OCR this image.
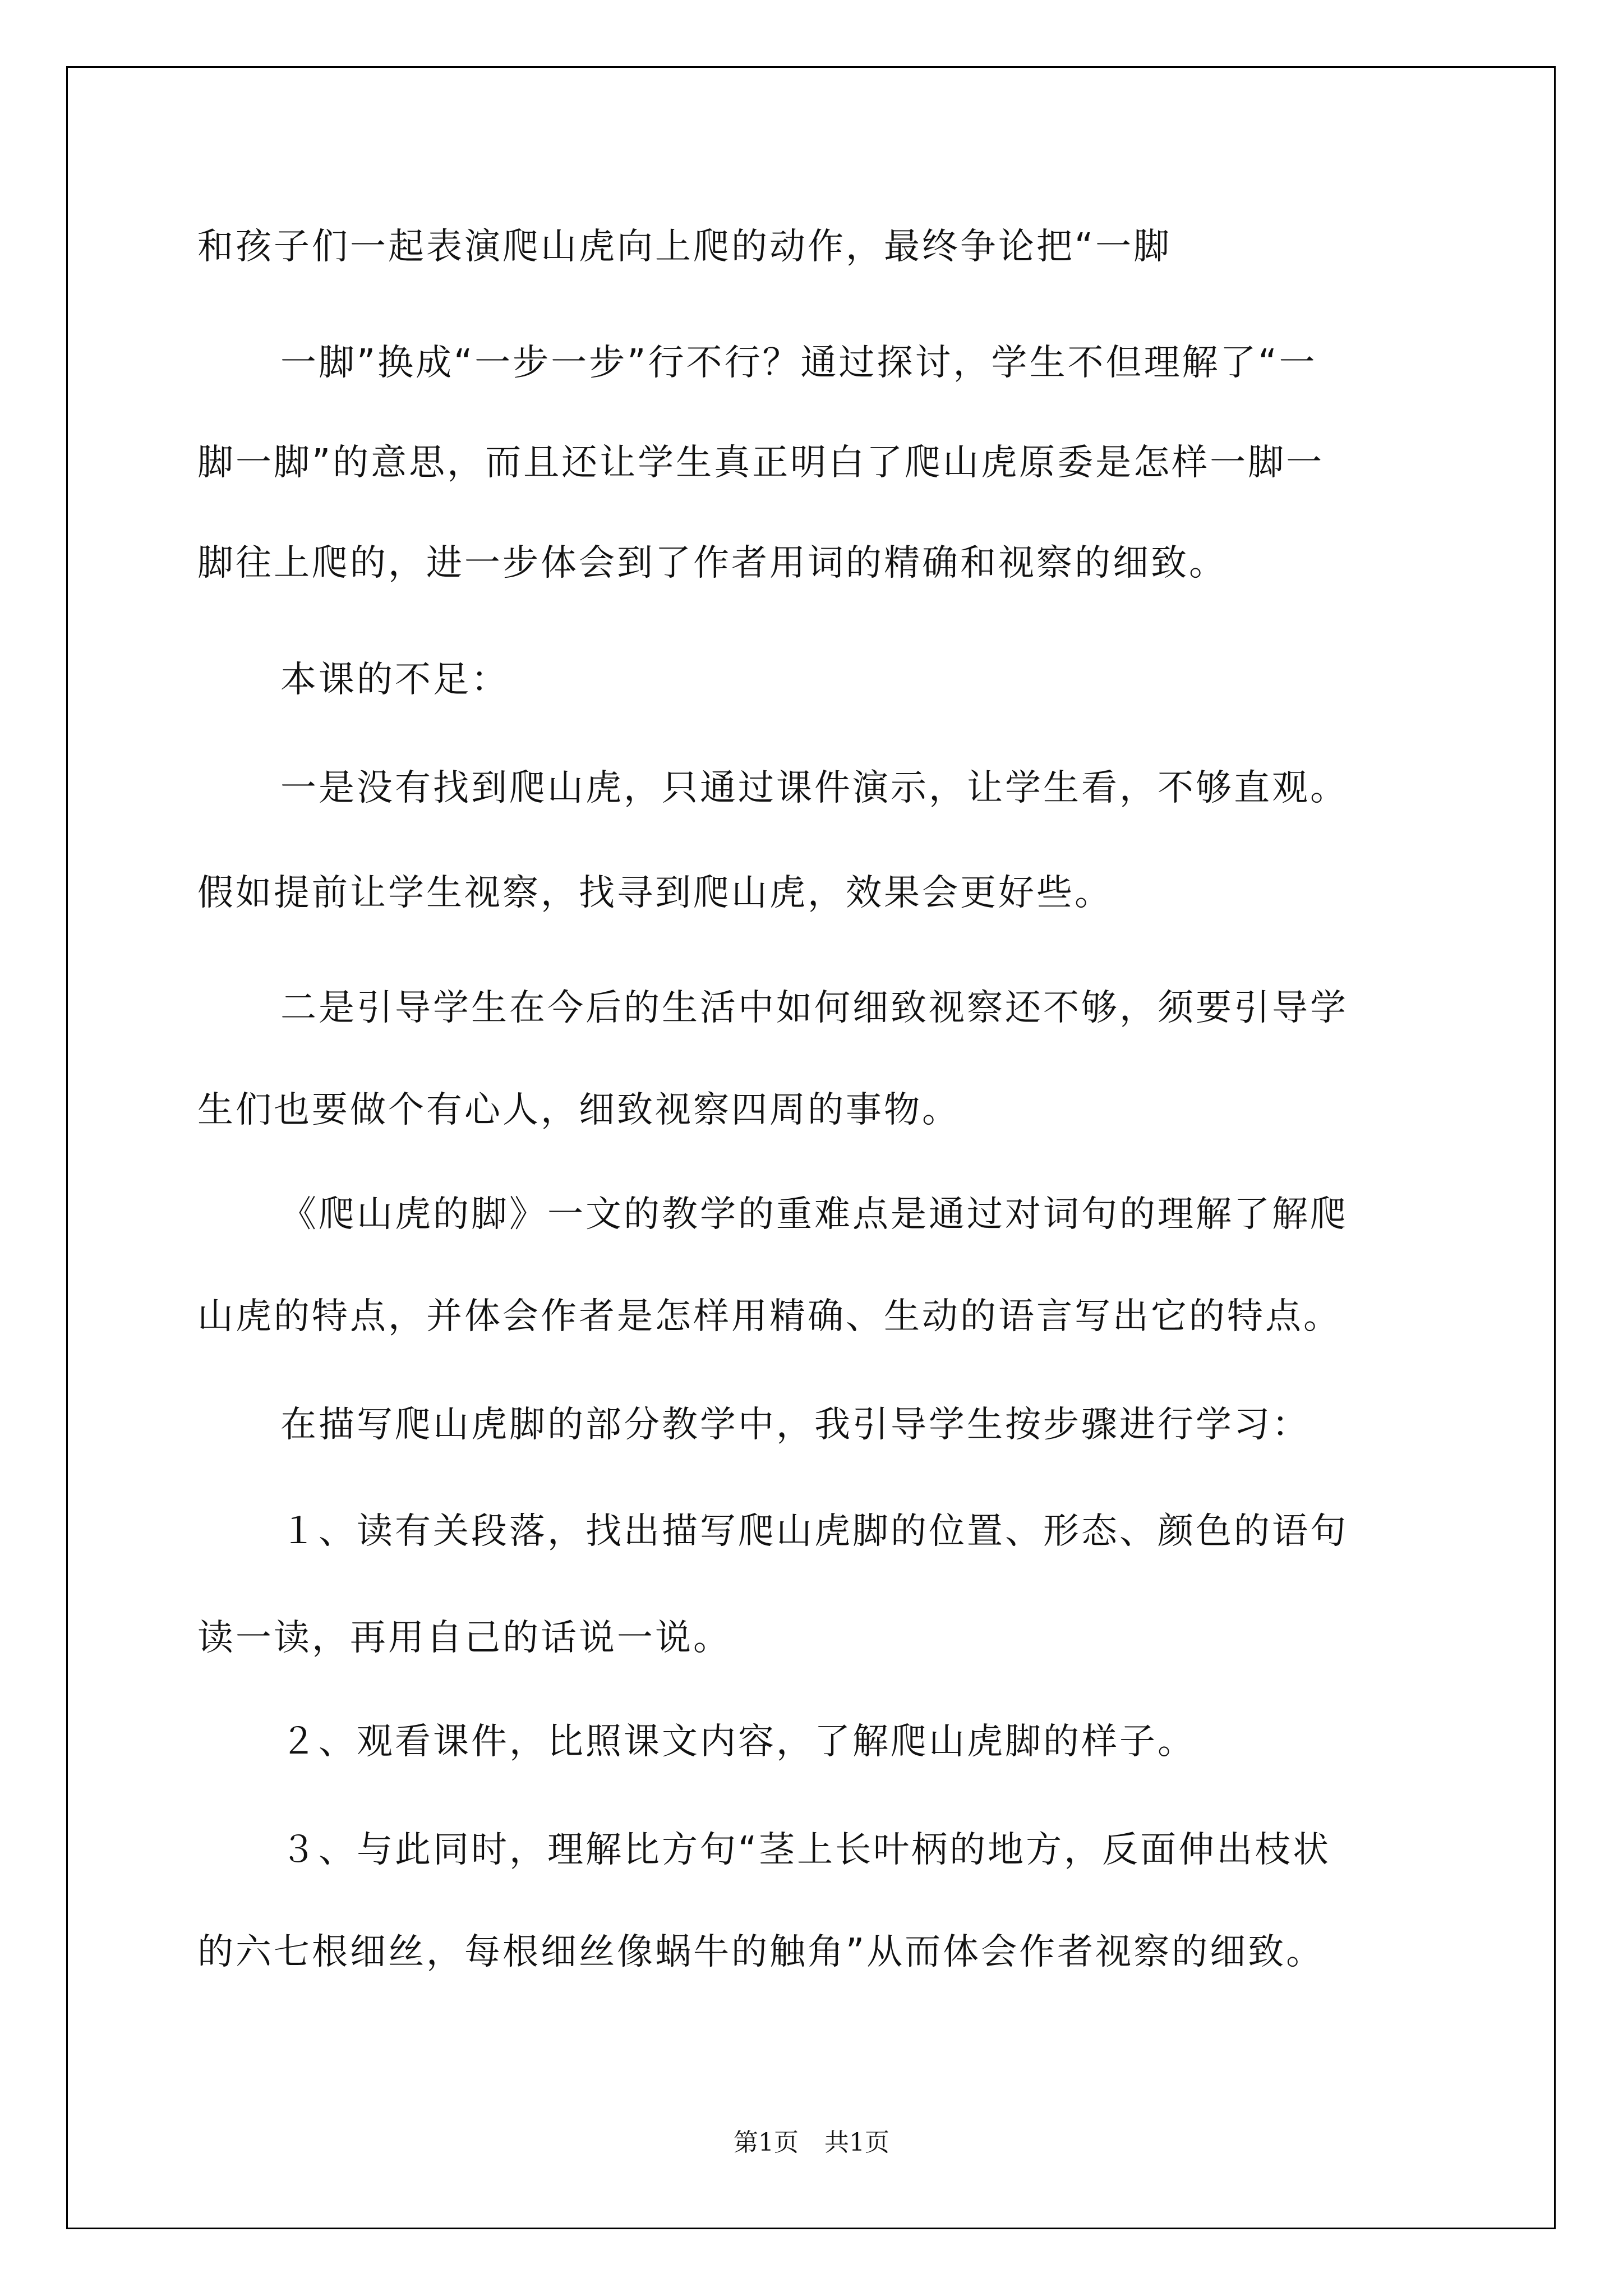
和孩子们一起表演爬山虎向上爬的动作，最终争论把“一脚

一脚”换成“一步一步”行不行？通过探讨，学生不但理解了“一

脚一脚”的意思，而且还让学生真正明白了爬山虎原委是怎样一脚一

脚往上爬的，进一步体会到了作者用词的精确和视察的细致。

本课的不足：

一是没有找到爬山虎，只通过课件演示，让学生看，不够直观。

假如提前让学生视察，找寻到爬山虎，效果会更好些。

二是引导学生在今后的生活中如何细致视察还不够，须要引导学

生们也要做个有心人，细致视察四周的事物。

《爬山虎的脚》一文的教学的重难点是通过对词句的理解了解爬

山虎的特点，并体会作者是怎样用精确、生动的语言写出它的特点。

在描写爬山虎脚的部分教学中，我引导学生按步骤进行学习：

１、读有关段落，找出描写爬山虎脚的位置、形态、颜色的语句

读一读，再用自己的话说一说。

２、观看课件，比照课文内容，了解爬山虎脚的样子。

３、与此同时，理解比方句“茎上长叶柄的地方，反面伸出枝状

的六七根细丝，每根细丝像蜗牛的触角”从而体会作者视察的细致。

第1页 共1页
